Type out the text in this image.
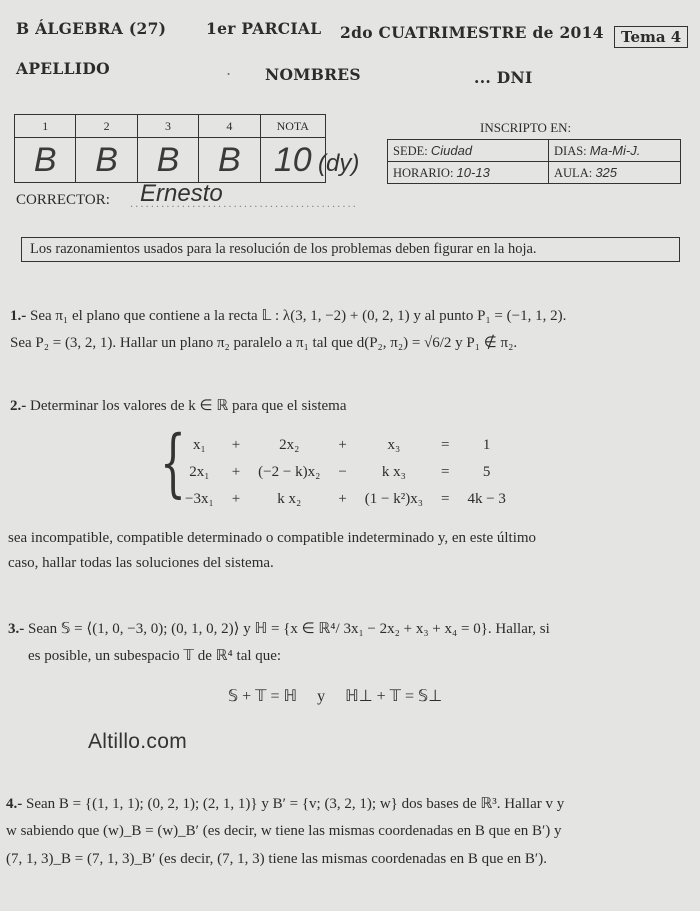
B ÁLGEBRA (27)	1er PARCIAL 2do CUATRIMESTRE de 2014	Tema 4
APELLIDO	. NOMBRES	... DNI
1	2	3	4	NOTA
B	B	B	B	10 (dy)
INSCRIPTO EN:
SEDE: Ciudad	DIAS: Ma-Mi-J.
HORARIO: 10-13	AULA: 325
CORRECTOR: Ernesto
............................................
Los razonamientos usados para la resolución de los problemas deben figurar en la hoja.
1.- Sea π₁ el plano que contiene a la recta 𝕃 : λ(3, 1, −2) + (0, 2, 1) y al punto P₁ = (−1, 1, 2).
Sea P₂ = (3, 2, 1). Hallar un plano π₂ paralelo a π₁ tal que d(P₂, π₂) = √6/2 y P₁ ∉ π₂.
2.- Determinar los valores de k ∈ ℝ para que el sistema
{ x₁	+	2x₂	+	x₃	=	1
2x₁	+	(−2 − k)x₂	−	k x₃	=	5
−3x₁	+	k x₂	+	(1 − k²)x₃	=	4k − 3
sea incompatible, compatible determinado o compatible indeterminado y, en este último
caso, hallar todas las soluciones del sistema.
3.- Sean 𝕊 = ⟨(1, 0, −3, 0); (0, 1, 0, 2)⟩ y ℍ = {x ∈ ℝ⁴/ 3x₁ − 2x₂ + x₃ + x₄ = 0}. Hallar, si
es posible, un subespacio 𝕋 de ℝ⁴ tal que:
𝕊 + 𝕋 = ℍ     y     ℍ⊥ + 𝕋 = 𝕊⊥
Altillo.com
4.- Sean B = {(1, 1, 1); (0, 2, 1); (2, 1, 1)} y B′ = {v; (3, 2, 1); w} dos bases de ℝ³. Hallar v y
w sabiendo que (w)_B = (w)_B′ (es decir, w tiene las mismas coordenadas en B que en B′) y
(7, 1, 3)_B = (7, 1, 3)_B′ (es decir, (7, 1, 3) tiene las mismas coordenadas en B que en B′).
